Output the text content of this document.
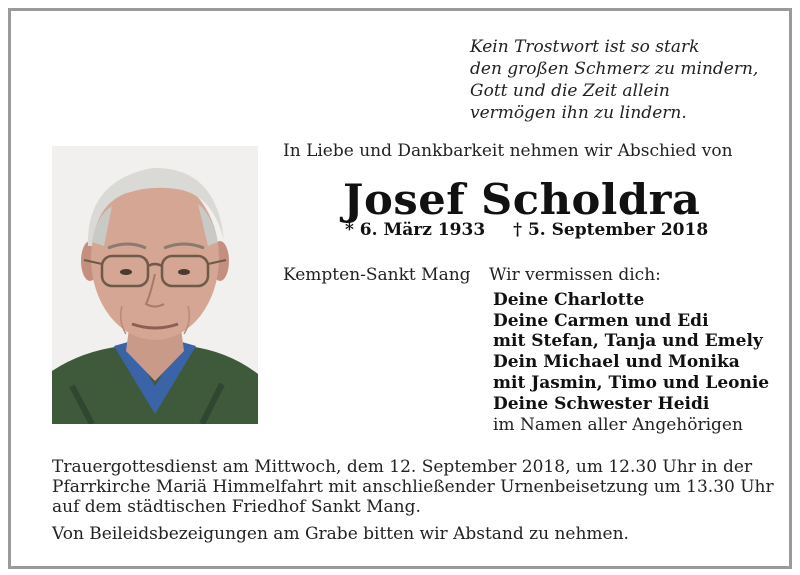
Kein Trostwort ist so stark
den großen Schmerz zu mindern,
Gott und die Zeit allein
vermögen ihn zu lindern.
In Liebe und Dankbarkeit nehmen wir Abschied von
Josef Scholdra
* 6. März 1933 † 5. September 2018
Kempten-Sankt Mang Wir vermissen dich:
Deine Charlotte
Deine Carmen und Edi
mit Stefan, Tanja und Emely
Dein Michael und Monika
mit Jasmin, Timo und Leonie
Deine Schwester Heidi
im Namen aller Angehörigen
Trauergottesdienst am Mittwoch, dem 12. September 2018, um 12.30 Uhr in der
Pfarrkirche Mariä Himmelfahrt mit anschließender Urnenbeisetzung um 13.30 Uhr
auf dem städtischen Friedhof Sankt Mang.
Von Beileidsbezeigungen am Grabe bitten wir Abstand zu nehmen.
